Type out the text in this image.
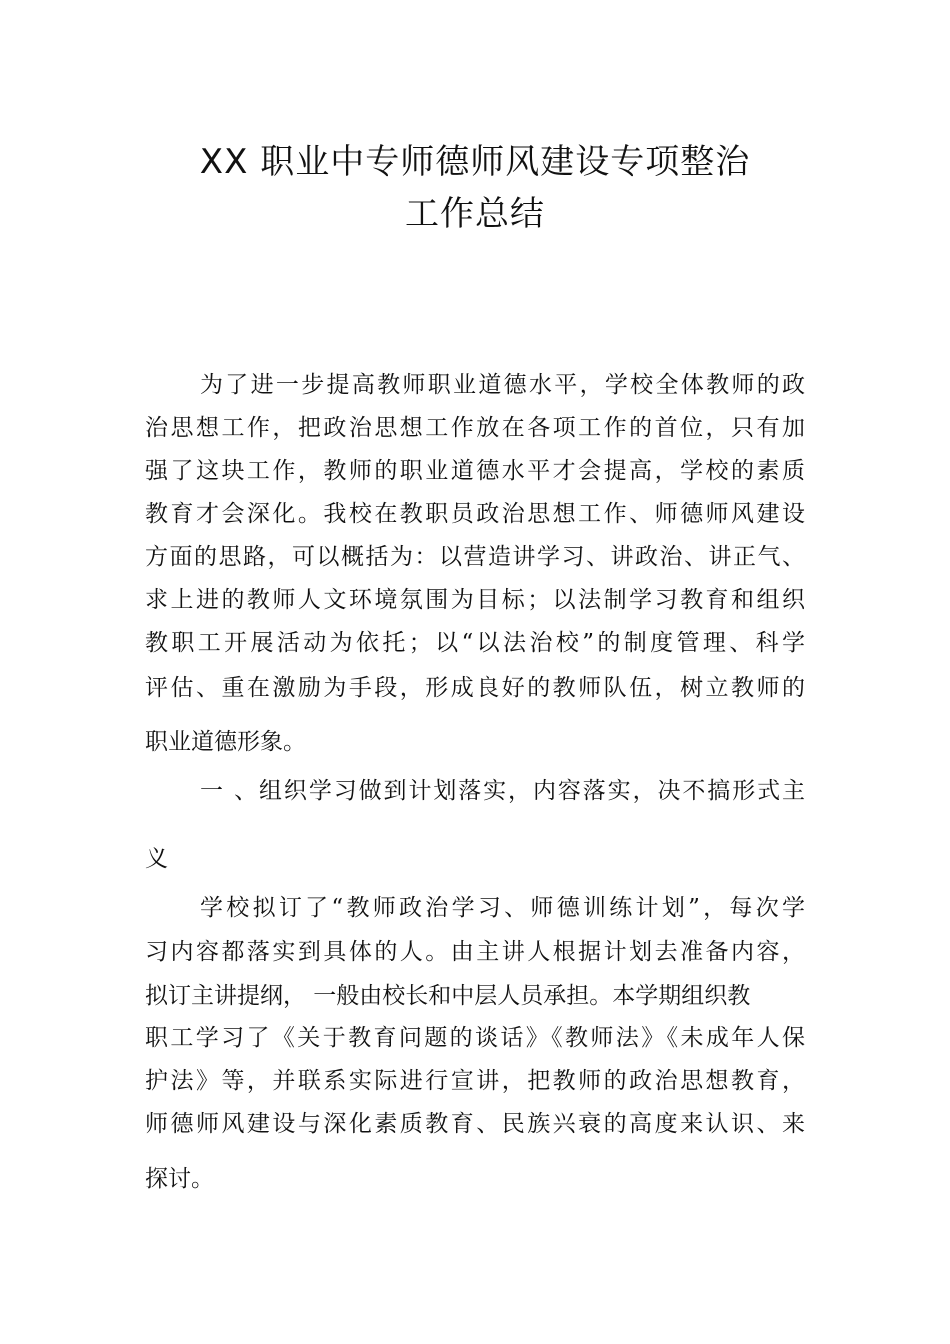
XX 职业中专师德师风建设专项整治
工作总结
为了进一步提高教师职业道德水平，学校全体教师的政
治思想工作，把政治思想工作放在各项工作的首位，只有加
强了这块工作，教师的职业道德水平才会提高，学校的素质
教育才会深化。我校在教职员政治思想工作、师德师风建设
方面的思路，可以概括为：以营造讲学习、讲政治、讲正气、
求上进的教师人文环境氛围为目标；以法制学习教育和组织
教职工开展活动为依托；以“以法治校”的制度管理、科学
评估、重在激励为手段，形成良好的教师队伍，树立教师的
职业道德形象。
一 、组织学习做到计划落实，内容落实，决不搞形式主
义
学校拟订了“教师政治学习、师德训练计划”，每次学
习内容都落实到具体的人。由主讲人根据计划去准备内容，
拟订主讲提纲， 一般由校长和中层人员承担。本学期组织教
职工学习了《关于教育问题的谈话》《教师法》《未成年人保
护法》等，并联系实际进行宣讲，把教师的政治思想教育，
师德师风建设与深化素质教育、民族兴衰的高度来认识、来
探讨。
